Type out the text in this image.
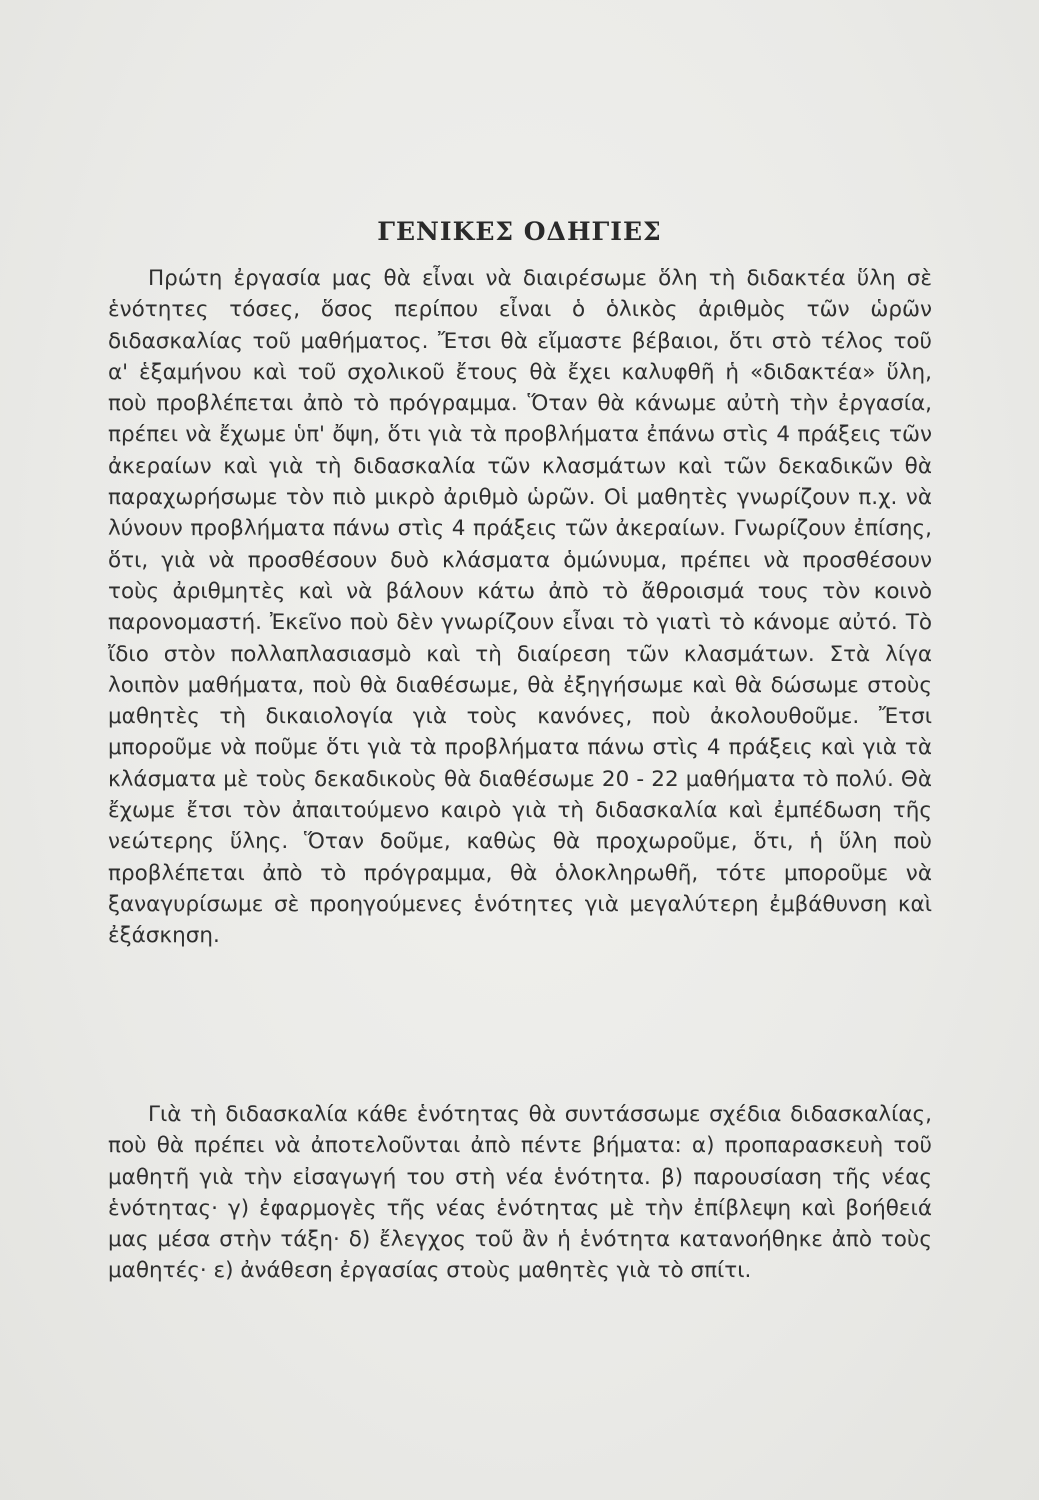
ΓΕΝΙΚΕΣ ΟΔΗΓΙΕΣ

Πρώτη ἐργασία μας θὰ εἶναι νὰ διαιρέσωμε ὅλη τὴ διδακτέα ὕλη σὲ ἑνότητες τόσες, ὅσος περίπου εἶναι ὁ ὁλικὸς ἀριθμὸς τῶν ὡρῶν διδασκαλίας τοῦ μαθήματος. Ἔτσι θὰ εἴμαστε βέβαιοι, ὅτι στὸ τέλος τοῦ α' ἑξαμήνου καὶ τοῦ σχολικοῦ ἔτους θὰ ἔχει καλυφθῆ ἡ «διδακτέα» ὕλη, ποὺ προβλέπεται ἀπὸ τὸ πρόγραμμα. Ὅταν θὰ κάνωμε αὐτὴ τὴν ἐργασία, πρέπει νὰ ἔχωμε ὑπ' ὄψη, ὅτι γιὰ τὰ προβλήματα ἐπάνω στὶς 4 πράξεις τῶν ἀκεραίων καὶ γιὰ τὴ διδασκαλία τῶν κλασμάτων καὶ τῶν δεκαδικῶν θὰ παραχωρήσωμε τὸν πιὸ μικρὸ ἀριθμὸ ὡρῶν. Οἱ μαθητὲς γνωρίζουν π.χ. νὰ λύνουν προβλήματα πάνω στὶς 4 πράξεις τῶν ἀκεραίων. Γνωρίζουν ἐπίσης, ὅτι, γιὰ νὰ προσθέσουν δυὸ κλάσματα ὁμώνυμα, πρέπει νὰ προσθέσουν τοὺς ἀριθμητὲς καὶ νὰ βάλουν κάτω ἀπὸ τὸ ἄθροισμά τους τὸν κοινὸ παρονομαστή. Ἐκεῖνο ποὺ δὲν γνωρίζουν εἶναι τὸ γιατὶ τὸ κάνομε αὐτό. Τὸ ἴδιο στὸν πολλαπλασιασμὸ καὶ τὴ διαίρεση τῶν κλασμάτων. Στὰ λίγα λοιπὸν μαθήματα, ποὺ θὰ διαθέσωμε, θὰ ἐξηγήσωμε καὶ θὰ δώσωμε στοὺς μαθητὲς τὴ δικαιολογία γιὰ τοὺς κανόνες, ποὺ ἀκολουθοῦμε. Ἔτσι μποροῦμε νὰ ποῦμε ὅτι γιὰ τὰ προβλήματα πάνω στὶς 4 πράξεις καὶ γιὰ τὰ κλάσματα μὲ τοὺς δεκαδικοὺς θὰ διαθέσωμε 20 - 22 μαθήματα τὸ πολύ. Θὰ ἔχωμε ἔτσι τὸν ἀπαιτούμενο καιρὸ γιὰ τὴ διδασκαλία καὶ ἐμπέδωση τῆς νεώτερης ὕλης. Ὅταν δοῦμε, καθὼς θὰ προχωροῦμε, ὅτι, ἡ ὕλη ποὺ προβλέπεται ἀπὸ τὸ πρόγραμμα, θὰ ὁλοκληρωθῆ, τότε μποροῦμε νὰ ξαναγυρίσωμε σὲ προηγούμενες ἑνότητες γιὰ μεγαλύτερη ἐμβάθυνση καὶ ἐξάσκηση.

Γιὰ τὴ διδασκαλία κάθε ἑνότητας θὰ συντάσσωμε σχέδια διδασκαλίας, ποὺ θὰ πρέπει νὰ ἀποτελοῦνται ἀπὸ πέντε βήματα: α) προπαρασκευὴ τοῦ μαθητῆ γιὰ τὴν εἰσαγωγή του στὴ νέα ἑνότητα. β) παρουσίαση τῆς νέας ἑνότητας· γ) ἐφαρμογὲς τῆς νέας ἑνότητας μὲ τὴν ἐπίβλεψη καὶ βοήθειά μας μέσα στὴν τάξη· δ) ἔλεγχος τοῦ ἂν ἡ ἑνότητα κατανοήθηκε ἀπὸ τοὺς μαθητές· ε) ἀνάθεση ἐργασίας στοὺς μαθητὲς γιὰ τὸ σπίτι.
